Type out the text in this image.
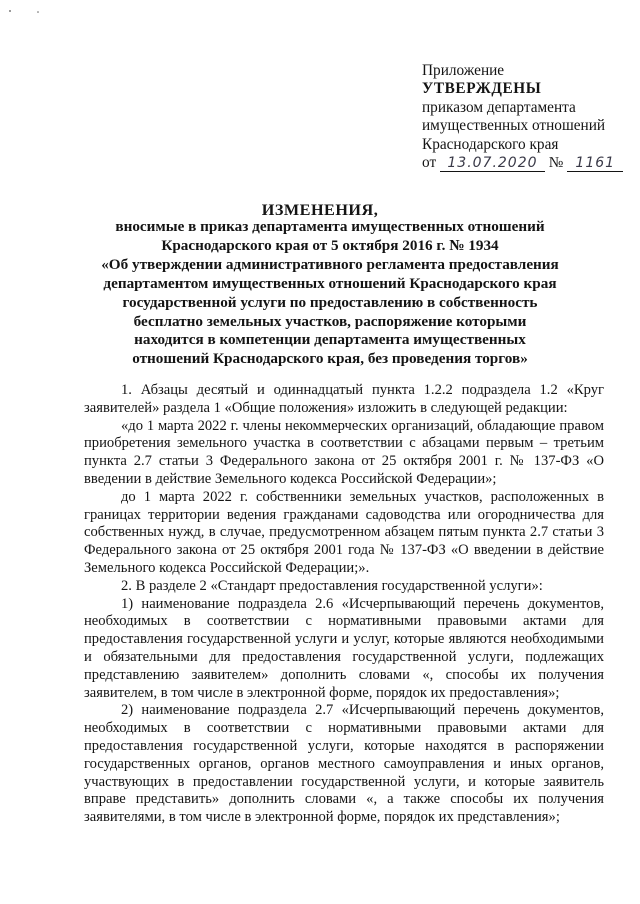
Приложение
УТВЕРЖДЕНЫ
приказом департамента
имущественных отношений
Краснодарского края
от 13.07.2020 № 1161
ИЗМЕНЕНИЯ,
вносимые в приказ департамента имущественных отношений
Краснодарского края от 5 октября 2016 г. № 1934
«Об утверждении административного регламента предоставления
департаментом имущественных отношений Краснодарского края
государственной услуги по предоставлению в собственность
бесплатно земельных участков, распоряжение которыми
находится в компетенции департамента имущественных
отношений Краснодарского края, без проведения торгов»

1. Абзацы десятый и одиннадцатый пункта 1.2.2 подраздела 1.2 «Круг заявителей» раздела 1 «Общие положения» изложить в следующей редакции:

«до 1 марта 2022 г. члены некоммерческих организаций, обладающие правом приобретения земельного участка в соответствии с абзацами первым – третьим пункта 2.7 статьи 3 Федерального закона от 25 октября 2001 г. № 137-ФЗ «О введении в действие Земельного кодекса Российской Федерации»;

до 1 марта 2022 г. собственники земельных участков, расположенных в границах территории ведения гражданами садоводства или огородничества для собственных нужд, в случае, предусмотренном абзацем пятым пункта 2.7 статьи 3 Федерального закона от 25 октября 2001 года № 137-ФЗ «О введении в действие Земельного кодекса Российской Федерации;».

2. В разделе 2 «Стандарт предоставления государственной услуги»:

1) наименование подраздела 2.6 «Исчерпывающий перечень документов, необходимых в соответствии с нормативными правовыми актами для предоставления государственной услуги и услуг, которые являются необходимыми и обязательными для предоставления государственной услуги, подлежащих представлению заявителем» дополнить словами «, способы их получения заявителем, в том числе в электронной форме, порядок их предоставления»;

2) наименование подраздела 2.7 «Исчерпывающий перечень документов, необходимых в соответствии с нормативными правовыми актами для предоставления государственной услуги, которые находятся в распоряжении государственных органов, органов местного самоуправления и иных органов, участвующих в предоставлении государственной услуги, и которые заявитель вправе представить» дополнить словами «, а также способы их получения заявителями, в том числе в электронной форме, порядок их представления»;
